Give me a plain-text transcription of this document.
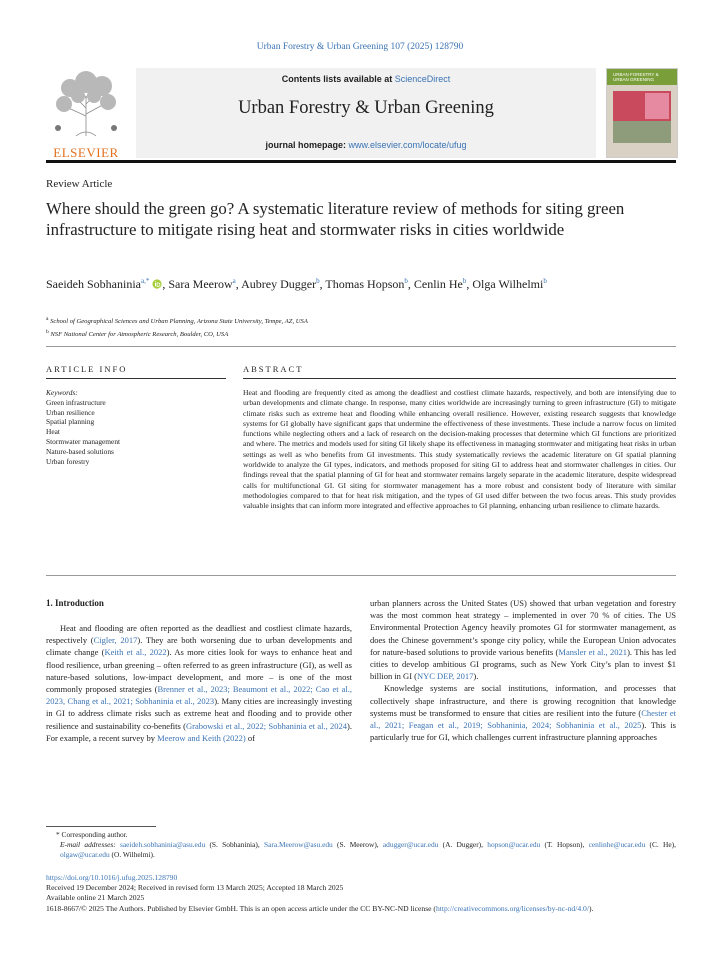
Urban Forestry & Urban Greening 107 (2025) 128790
ELSEVIER
Contents lists available at ScienceDirect
Urban Forestry & Urban Greening
journal homepage: www.elsevier.com/locate/ufug
URBAN FORESTRY & URBAN GREENING
Review Article
Where should the green go? A systematic literature review of methods for siting green infrastructure to mitigate rising heat and stormwater risks in cities worldwide
Saeideh Sobhaninia$^{a,*}$ , Sara Meerow$^a$, Aubrey Dugger$^b$, Thomas Hopson$^b$, Cenlin He$^b$, Olga Wilhelmi$^b$
$^a$ School of Geographical Sciences and Urban Planning, Arizona State University, Tempe, AZ, USA
$^b$ NSF National Center for Atmospheric Research, Boulder, CO, USA
ARTICLE INFO	ABSTRACT
Keywords:
Green infrastructure
Urban resilience
Spatial planning
Heat
Stormwater management
Nature-based solutions
Urban forestry
Heat and flooding are frequently cited as among the deadliest and costliest climate hazards, respectively, and both are intensifying due to urban developments and climate change. In response, many cities worldwide are increasingly turning to green infrastructure (GI) to mitigate climate risks such as extreme heat and flooding while enhancing overall resilience. However, existing research suggests that knowledge systems for GI globally have significant gaps that undermine the effectiveness of these investments. These include a narrow focus on limited functions while neglecting others and a lack of research on the decision-making processes that determine which GI functions are prioritized and where. The metrics and models used for siting GI likely shape its effectiveness in managing stormwater and mitigating heat risks in urban settings as well as who benefits from GI investments. This study systematically reviews the academic literature on GI spatial planning worldwide to analyze the GI types, indicators, and methods proposed for siting GI to address heat and stormwater challenges in cities. Our findings reveal that the spatial planning of GI for heat and stormwater remains largely separate in the academic literature, despite widespread calls for multifunctional GI. GI siting for stormwater management has a more robust and consistent body of literature with similar methodologies compared to that for heat risk mitigation, and the types of GI used differ between the two focus areas. This study provides valuable insights that can inform more integrated and effective approaches to GI planning, enhancing urban resilience to climate hazards.
1. Introduction

Heat and flooding are often reported as the deadliest and costliest climate hazards, respectively (Cigler, 2017). They are both worsening due to urban developments and climate change (Keith et al., 2022). As more cities look for ways to enhance heat and flood resilience, urban greening – often referred to as green infrastructure (GI), as well as nature-based solutions, low-impact development, and more – is one of the most commonly proposed strategies (Brenner et al., 2023; Beaumont et al., 2022; Cao et al., 2023, Chang et al., 2021; Sobhaninia et al., 2023). Many cities are increasingly investing in GI to address climate risks such as extreme heat and flooding and to provide other resilience and sustainability co-benefits (Grabowski et al., 2022; Sobhaninia et al., 2024). For example, a recent survey by Meerow and Keith (2022) of

urban planners across the United States (US) showed that urban vegetation and forestry was the most common heat strategy – implemented in over 70 % of cities. The US Environmental Protection Agency heavily promotes GI for stormwater management, as does the Chinese government’s sponge city policy, while the European Union advocates for nature-based solutions to provide various benefits (Mansler et al., 2021). This has led cities to develop ambitious GI programs, such as New York City’s plan to invest $1 billion in GI (NYC DEP, 2017).

Knowledge systems are social institutions, information, and processes that collectively shape infrastructure, and there is growing recognition that knowledge systems must be transformed to ensure that cities are resilient into the future (Chester et al., 2021; Feagan et al., 2019; Sobhaninia, 2024; Sobhaninia et al., 2025). This is particularly true for GI, which challenges current infrastructure planning approaches

* Corresponding author.
E-mail addresses: saeideh.sobhaninia@asu.edu (S. Sobhaninia), Sara.Meerow@asu.edu (S. Meerow), adugger@ucar.edu (A. Dugger), hopson@ucar.edu (T. Hopson), cenlinhe@ucar.edu (C. He), olgaw@ucar.edu (O. Wilhelmi).
https://doi.org/10.1016/j.ufug.2025.128790
Received 19 December 2024; Received in revised form 13 March 2025; Accepted 18 March 2025
Available online 21 March 2025
1618-8667/© 2025 The Authors. Published by Elsevier GmbH. This is an open access article under the CC BY-NC-ND license (http://creativecommons.org/licenses/by-nc-nd/4.0/).
